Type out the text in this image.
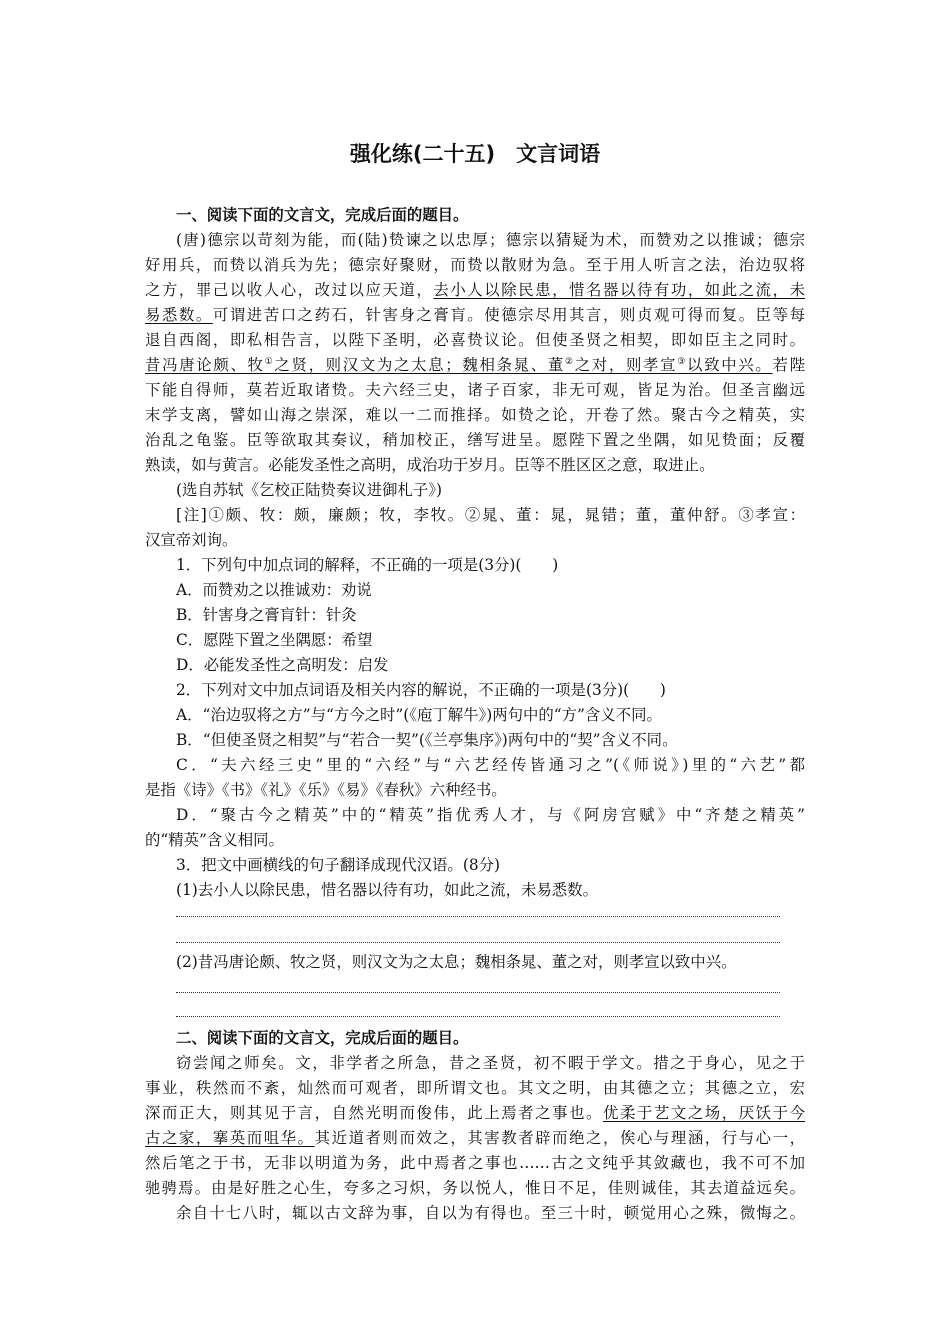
强化练(二十五)　文言词语
一、阅读下面的文言文，完成后面的题目。
(唐)德宗以苛刻为能，而(陆)贽谏之以忠厚；德宗以猜疑为术，而赞劝之以推诚；德宗
好用兵，而贽以消兵为先；德宗好聚财，而贽以散财为急。至于用人听言之法，治边驭将
之方，罪己以收人心，改过以应天道，去小人以除民患，惜名器以待有功，如此之流，未
易悉数。可谓进苦口之药石，针害身之膏肓。使德宗尽用其言，则贞观可得而复。臣等每
退自西阁，即私相告言，以陛下圣明，必喜贽议论。但使圣贤之相契，即如臣主之同时。
昔冯唐论颇、牧①之贤，则汉文为之太息；魏相条晁、董②之对，则孝宣③以致中兴。若陛
下能自得师，莫若近取诸贽。夫六经三史，诸子百家，非无可观，皆足为治。但圣言幽远
末学支离，譬如山海之崇深，难以一二而推择。如贽之论，开卷了然。聚古今之精英，实
治乱之龟鉴。臣等欲取其奏议，稍加校正，缮写进呈。愿陛下置之坐隅，如见贽面；反覆
熟读，如与黄言。必能发圣性之高明，成治功于岁月。臣等不胜区区之意，取进止。
(选自苏轼《乞校正陆贽奏议进御札子》)
[注]①颇、牧：颇，廉颇；牧，李牧。②晁、董：晁，晁错；董，董仲舒。③孝宣：
汉宣帝刘询。
1．下列句中加点词的解释，不正确的一项是(3分)(　　)
A．而赞劝之以推诚劝：劝说
B．针害身之膏肓针：针灸
C．愿陛下置之坐隅愿：希望
D．必能发圣性之高明发：启发
2．下列对文中加点词语及相关内容的解说，不正确的一项是(3分)(　　)
A．“治边驭将之方”与“方今之时”(《庖丁解牛》)两句中的“方”含义不同。
B．“但使圣贤之相契”与“若合一契”(《兰亭集序》)两句中的“契”含义不同。
C．“夫六经三史”里的“六经”与“六艺经传皆通习之”(《师说》)里的“六艺”都
是指《诗》《书》《礼》《乐》《易》《春秋》六种经书。
D．“聚古今之精英”中的“精英”指优秀人才，与《阿房宫赋》中“齐楚之精英”
的“精英”含义相同。
3．把文中画横线的句子翻译成现代汉语。(8分)
(1)去小人以除民患，惜名器以待有功，如此之流，未易悉数。
(2)昔冯唐论颇、牧之贤，则汉文为之太息；魏相条晁、董之对，则孝宣以致中兴。
二、阅读下面的文言文，完成后面的题目。
窃尝闻之师矣。文，非学者之所急，昔之圣贤，初不暇于学文。措之于身心，见之于
事业，秩然而不紊，灿然而可观者，即所谓文也。其文之明，由其德之立；其德之立，宏
深而正大，则其见于言，自然光明而俊伟，此上焉者之事也。优柔于艺文之场，厌饫于今
古之家，搴英而咀华。其近道者则而效之，其害教者辟而绝之，俟心与理涵，行与心一，
然后笔之于书，无非以明道为务，此中焉者之事也……古之文纯乎其敛藏也，我不可不加
驰骋焉。由是好胜之心生，夸多之习炽，务以悦人，惟日不足，佳则诚佳，其去道益远矣。
余自十七八时，辄以古文辞为事，自以为有得也。至三十时，顿觉用心之殊，微悔之。
